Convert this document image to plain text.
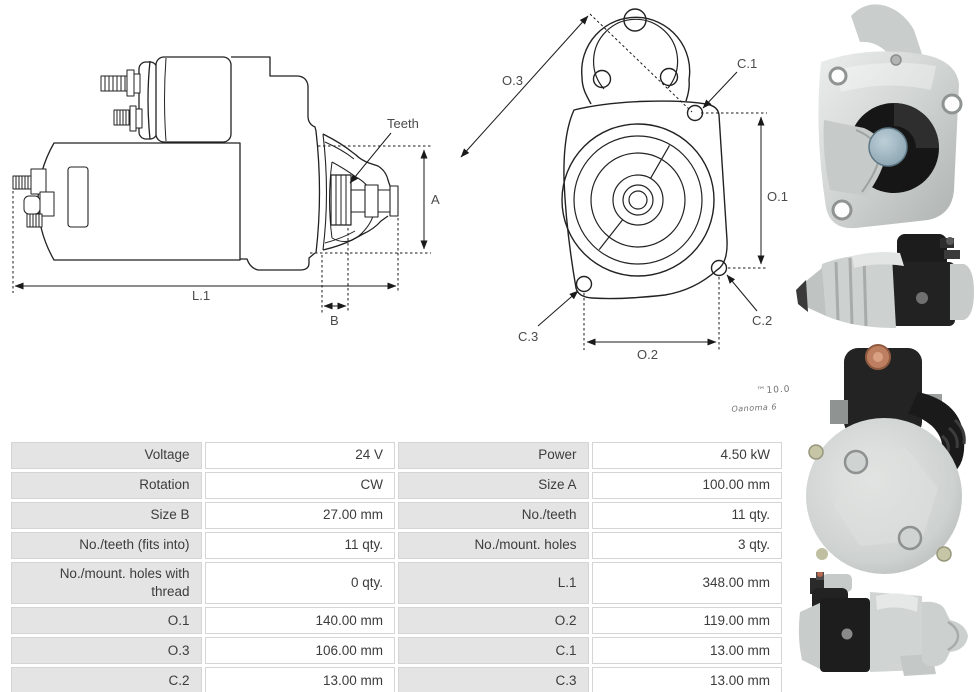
Teeth
A
L.1
B
O.3
C.1
O.1
C.2
C.3
O.2
™10.0
Oanoma 6
Voltage	24 V	Power	4.50 kW
Rotation	CW	Size A	100.00 mm
Size B	27.00 mm	No./teeth	11 qty.
No./teeth (fits into)	11 qty.	No./mount. holes	3 qty.
No./mount. holes with thread	0 qty.	L.1	348.00 mm
O.1	140.00 mm	O.2	119.00 mm
O.3	106.00 mm	C.1	13.00 mm
C.2	13.00 mm	C.3	13.00 mm
